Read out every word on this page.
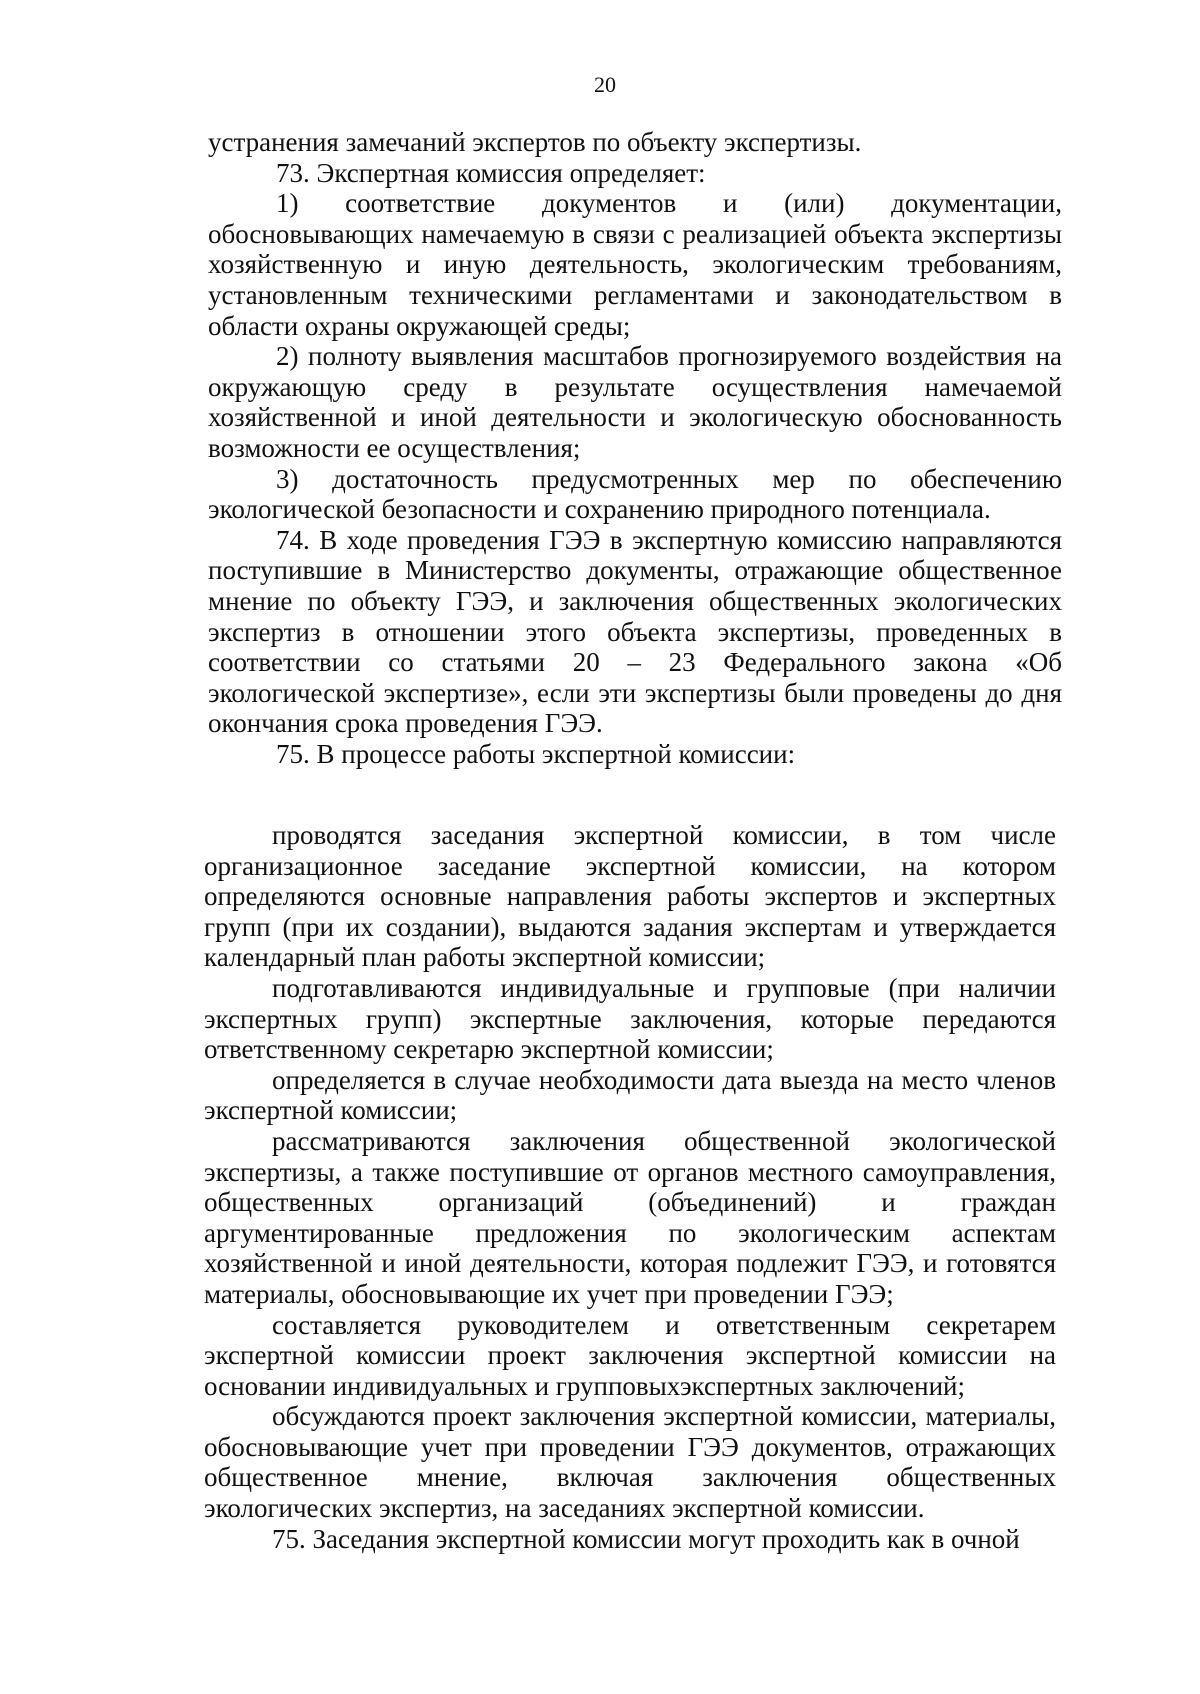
20

устранения замечаний экспертов по объекту экспертизы.

73. Экспертная комиссия определяет:

1) соответствие документов и (или) документации, обосновывающих намечаемую в связи с реализацией объекта экспертизы хозяйственную и иную деятельность, экологическим требованиям, установленным техническими регламентами и законодательством в области охраны окружающей среды;

2) полноту выявления масштабов прогнозируемого воздействия на окружающую среду в результате осуществления намечаемой хозяйственной и иной деятельности и экологическую обоснованность возможности ее осуществления;

3) достаточность предусмотренных мер по обеспечению экологической безопасности и сохранению природного потенциала.

74. В ходе проведения ГЭЭ в экспертную комиссию направляются поступившие в Министерство документы, отражающие общественное мнение по объекту ГЭЭ, и заключения общественных экологических экспертиз в отношении этого объекта экспертизы, проведенных в соответствии со статьями 20 – 23 Федерального закона «Об экологической экспертизе», если эти экспертизы были проведены до дня окончания срока проведения ГЭЭ.

75. В процессе работы экспертной комиссии:

проводятся заседания экспертной комиссии, в том числе организационное заседание экспертной комиссии, на котором определяются основные направления работы экспертов и экспертных групп (при их создании), выдаются задания экспертам и утверждается календарный план работы экспертной комиссии;

подготавливаются индивидуальные и групповые (при наличии экспертных групп) экспертные заключения, которые передаются ответственному секретарю экспертной комиссии;

определяется в случае необходимости дата выезда на место членов экспертной комиссии;

рассматриваются заключения общественной экологической экспертизы, а также поступившие от органов местного самоуправления, общественных организаций (объединений) и граждан аргументированные предложения по экологическим аспектам хозяйственной и иной деятельности, которая подлежит ГЭЭ, и готовятся материалы, обосновывающие их учет при проведении ГЭЭ;

составляется руководителем и ответственным секретарем экспертной комиссии проект заключения экспертной комиссии на основании индивидуальных и групповыхэкспертных заключений;

обсуждаются проект заключения экспертной комиссии, материалы, обосновывающие учет при проведении ГЭЭ документов, отражающих общественное мнение, включая заключения общественных экологических экспертиз, на заседаниях экспертной комиссии.

75. Заседания экспертной комиссии могут проходить как в очной
